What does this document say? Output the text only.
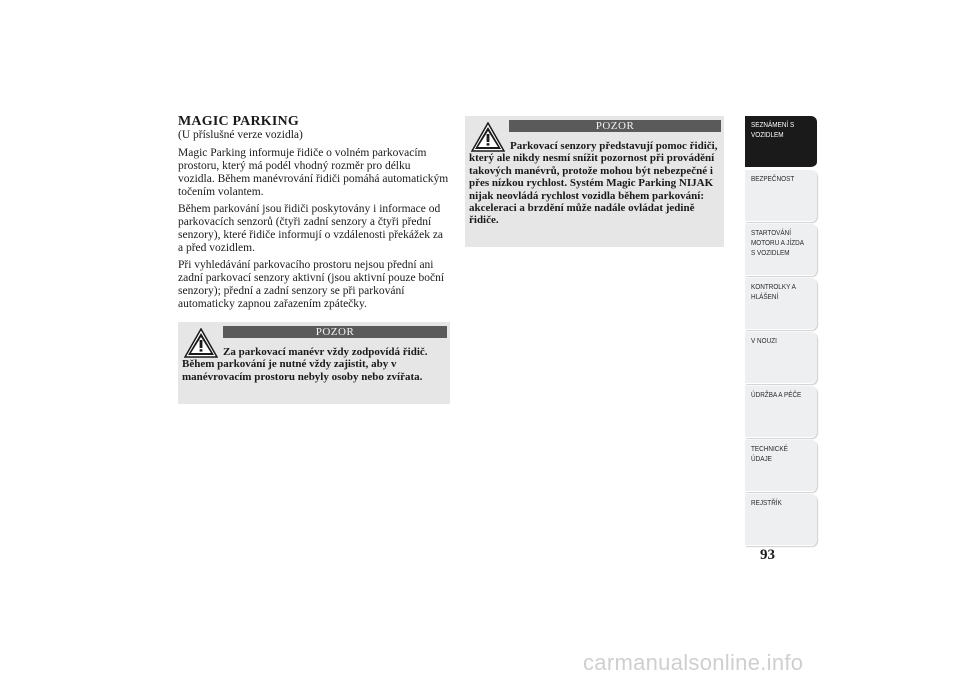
MAGIC PARKING
(U příslušné verze vozidla)

Magic Parking informuje řidiče o volném parkovacím prostoru, který má podél vhodný rozměr pro délku vozidla. Během manévrování řidiči pomáhá automatickým točením volantem.

Během parkování jsou řidiči poskytovány i informace od parkovacích senzorů (čtyři zadní senzory a čtyři přední senzory), které řidiče informují o vzdálenosti překážek za a před vozidlem.

Při vyhledávání parkovacího prostoru nejsou přední ani zadní parkovací senzory aktivní (jsou aktivní pouze boční senzory); přední a zadní senzory se při parkování automaticky zapnou zařazením zpátečky.

POZOR
Za parkovací manévr vždy zodpovídá řidič. Během parkování je nutné vždy zajistit, aby v manévrovacím prostoru nebyly osoby nebo zvířata.
POZOR
Parkovací senzory představují pomoc řidiči, který ale nikdy nesmí snížit pozornost při provádění takových manévrů, protože mohou být nebezpečné i přes nízkou rychlost. Systém Magic Parking NIJAK nijak neovládá rychlost vozidla během parkování: akceleraci a brzdění může nadále ovládat jedině řidiče.
SEZNÁMENÍ S VOZIDLEM
BEZPEČNOST
STARTOVÁNÍ MOTORU A JÍZDA S VOZIDLEM
KONTROLKY A HLÁŠENÍ
V NOUZI
ÚDRŽBA A PÉČE
TECHNICKÉ ÚDAJE
REJSTŘÍK
93
carmanualsonline.info
